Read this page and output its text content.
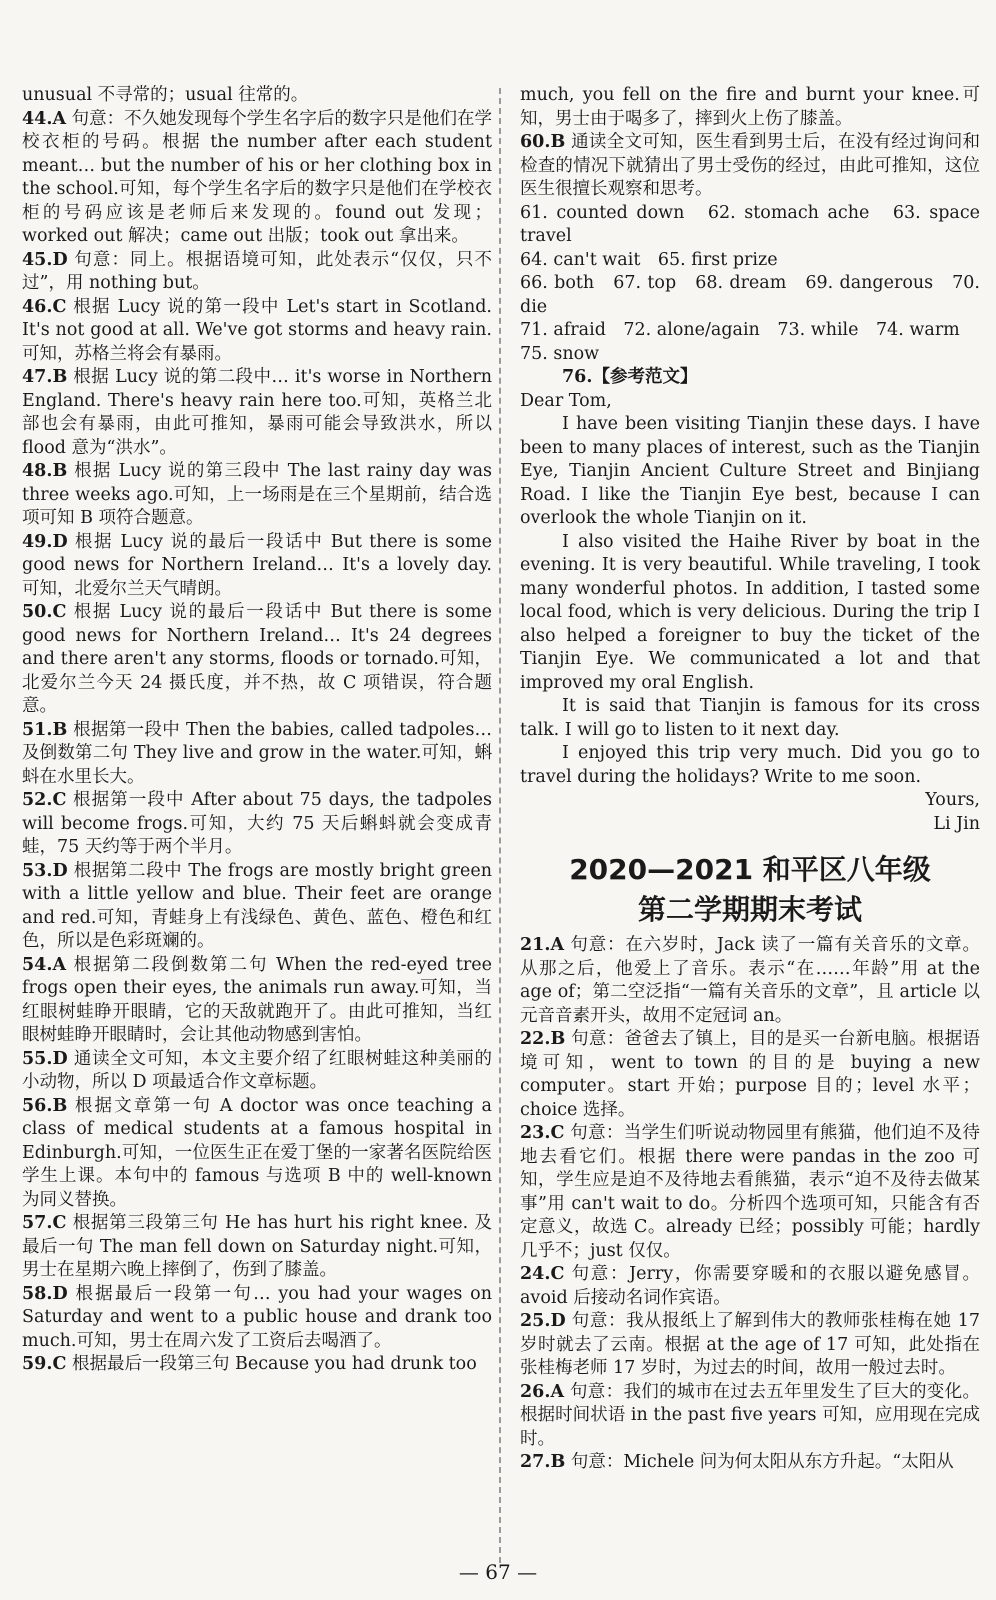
unusual 不寻常的；usual 往常的。

44.A 句意：不久她发现每个学生名字后的数字只是他们在学校衣柜的号码。根据 the number after each student meant… but the number of his or her clothing box in the school.可知，每个学生名字后的数字只是他们在学校衣柜的号码应该是老师后来发现的。found out 发现；worked out 解决；came out 出版；took out 拿出来。

45.D 句意：同上。根据语境可知，此处表示“仅仅，只不过”，用 nothing but。

46.C 根据 Lucy 说的第一段中 Let's start in Scotland. It's not good at all. We've got storms and heavy rain. 可知，苏格兰将会有暴雨。

47.B 根据 Lucy 说的第二段中… it's worse in Northern England. There's heavy rain here too.可知，英格兰北部也会有暴雨，由此可推知，暴雨可能会导致洪水，所以 flood 意为“洪水”。

48.B 根据 Lucy 说的第三段中 The last rainy day was three weeks ago.可知，上一场雨是在三个星期前，结合选项可知 B 项符合题意。

49.D 根据 Lucy 说的最后一段话中 But there is some good news for Northern Ireland… It's a lovely day. 可知，北爱尔兰天气晴朗。

50.C 根据 Lucy 说的最后一段话中 But there is some good news for Northern Ireland… It's 24 degrees and there aren't any storms, floods or tornado.可知，北爱尔兰今天 24 摄氏度，并不热，故 C 项错误，符合题意。

51.B 根据第一段中 Then the babies, called tadpoles… 及倒数第二句 They live and grow in the water.可知，蝌蚪在水里长大。

52.C 根据第一段中 After about 75 days, the tadpoles will become frogs.可知，大约 75 天后蝌蚪就会变成青蛙，75 天约等于两个半月。

53.D 根据第二段中 The frogs are mostly bright green with a little yellow and blue. Their feet are orange and red.可知，青蛙身上有浅绿色、黄色、蓝色、橙色和红色，所以是色彩斑斓的。

54.A 根据第二段倒数第二句 When the red-eyed tree frogs open their eyes, the animals run away.可知，当红眼树蛙睁开眼睛，它的天敌就跑开了。由此可推知，当红眼树蛙睁开眼睛时，会让其他动物感到害怕。

55.D 通读全文可知，本文主要介绍了红眼树蛙这种美丽的小动物，所以 D 项最适合作文章标题。

56.B 根据文章第一句 A doctor was once teaching a class of medical students at a famous hospital in Edinburgh.可知，一位医生正在爱丁堡的一家著名医院给医学生上课。本句中的 famous 与选项 B 中的 well-known 为同义替换。

57.C 根据第三段第三句 He has hurt his right knee. 及最后一句 The man fell down on Saturday night.可知，男士在星期六晚上摔倒了，伤到了膝盖。

58.D 根据最后一段第一句… you had your wages on Saturday and went to a public house and drank too much.可知，男士在周六发了工资后去喝酒了。

59.C 根据最后一段第三句 Because you had drunk too

much, you fell on the fire and burnt your knee.可知，男士由于喝多了，摔到火上伤了膝盖。

60.B 通读全文可知，医生看到男士后，在没有经过询问和检查的情况下就猜出了男士受伤的经过，由此可推知，这位医生很擅长观察和思考。

61. counted down　62. stomach ache　63. space travel

64. can't wait　65. first prize

66. both　67. top　68. dream　69. dangerous　70. die

71. afraid　72. alone/again　73. while　74. warm

75. snow

76.【参考范文】

Dear Tom,

I have been visiting Tianjin these days. I have been to many places of interest, such as the Tianjin Eye, Tianjin Ancient Culture Street and Binjiang Road. I like the Tianjin Eye best, because I can overlook the whole Tianjin on it.

I also visited the Haihe River by boat in the evening. It is very beautiful. While traveling, I took many wonderful photos. In addition, I tasted some local food, which is very delicious. During the trip I also helped a foreigner to buy the ticket of the Tianjin Eye. We communicated a lot and that improved my oral English.

It is said that Tianjin is famous for its cross talk. I will go to listen to it next day.

I enjoyed this trip very much. Did you go to travel during the holidays? Write to me soon.

Yours,

Li Jin

2020—2021 和平区八年级
第二学期期末考试

21.A 句意：在六岁时，Jack 读了一篇有关音乐的文章。从那之后，他爱上了音乐。表示“在……年龄”用 at the age of；第二空泛指“一篇有关音乐的文章”，且 article 以元音音素开头，故用不定冠词 an。

22.B 句意：爸爸去了镇上，目的是买一台新电脑。根据语境可知，went to town 的目的是 buying a new computer。start 开始；purpose 目的；level 水平；choice 选择。

23.C 句意：当学生们听说动物园里有熊猫，他们迫不及待地去看它们。根据 there were pandas in the zoo 可知，学生应是迫不及待地去看熊猫，表示“迫不及待去做某事”用 can't wait to do。分析四个选项可知，只能含有否定意义，故选 C。already 已经；possibly 可能；hardly 几乎不；just 仅仅。

24.C 句意：Jerry，你需要穿暖和的衣服以避免感冒。avoid 后接动名词作宾语。

25.D 句意：我从报纸上了解到伟大的教师张桂梅在她 17 岁时就去了云南。根据 at the age of 17 可知，此处指在张桂梅老师 17 岁时，为过去的时间，故用一般过去时。

26.A 句意：我们的城市在过去五年里发生了巨大的变化。根据时间状语 in the past five years 可知，应用现在完成时。

27.B 句意：Michele 问为何太阳从东方升起。“太阳从

— 67 —
